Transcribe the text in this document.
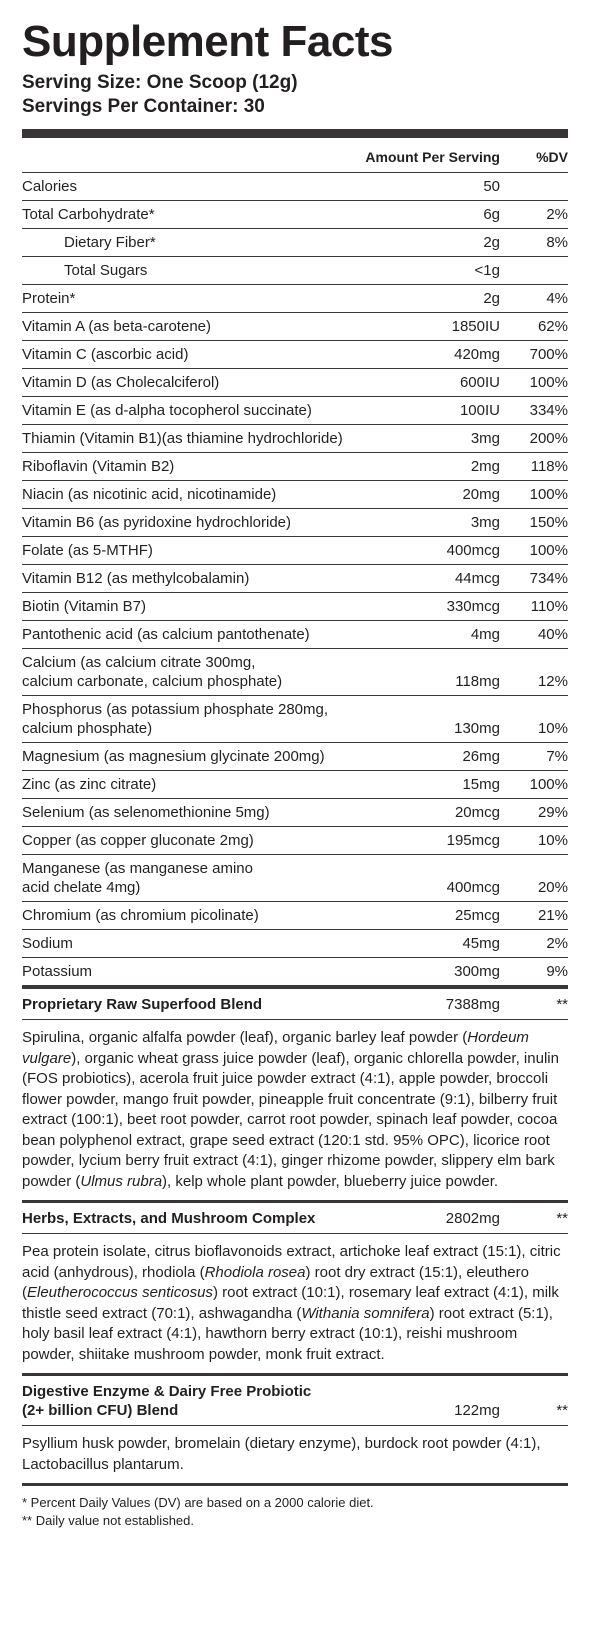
Supplement Facts
Serving Size: One Scoop (12g)
Servings Per Container: 30
Amount Per Serving	%DV
Calories	50
Total Carbohydrate*	6g	2%
Dietary Fiber*	2g	8%
Total Sugars	<1g
Protein*	2g	4%
Vitamin A (as beta-carotene)	1850IU	62%
Vitamin C (ascorbic acid)	420mg	700%
Vitamin D (as Cholecalciferol)	600IU	100%
Vitamin E (as d-alpha tocopherol succinate)	100IU	334%
Thiamin (Vitamin B1)(as thiamine hydrochloride)	3mg	200%
Riboflavin (Vitamin B2)	2mg	118%
Niacin (as nicotinic acid, nicotinamide)	20mg	100%
Vitamin B6 (as pyridoxine hydrochloride)	3mg	150%
Folate (as 5-MTHF)	400mcg	100%
Vitamin B12 (as methylcobalamin)	44mcg	734%
Biotin (Vitamin B7)	330mcg	110%
Pantothenic acid (as calcium pantothenate)	4mg	40%
Calcium (as calcium citrate 300mg,
calcium carbonate, calcium phosphate)	118mg	12%
Phosphorus (as potassium phosphate 280mg,
calcium phosphate)	130mg	10%
Magnesium (as magnesium glycinate 200mg)	26mg	7%
Zinc (as zinc citrate)	15mg	100%
Selenium (as selenomethionine 5mg)	20mcg	29%
Copper (as copper gluconate 2mg)	195mcg	10%
Manganese (as manganese amino
acid chelate 4mg)	400mcg	20%
Chromium (as chromium picolinate)	25mcg	21%
Sodium	45mg	2%
Potassium	300mg	9%
Proprietary Raw Superfood Blend	7388mg	**
Spirulina, organic alfalfa powder (leaf), organic barley leaf powder (Hordeum vulgare), organic wheat grass juice powder (leaf), organic chlorella powder, inulin (FOS probiotics), acerola fruit juice powder extract (4:1), apple powder, broccoli flower powder, mango fruit powder, pineapple fruit concentrate (9:1), bilberry fruit extract (100:1), beet root powder, carrot root powder, spinach leaf powder, cocoa bean polyphenol extract, grape seed extract (120:1 std. 95% OPC), licorice root powder, lycium berry fruit extract (4:1), ginger rhizome powder, slippery elm bark powder (Ulmus rubra), kelp whole plant powder, blueberry juice powder.
Herbs, Extracts, and Mushroom Complex	2802mg	**
Pea protein isolate, citrus bioflavonoids extract, artichoke leaf extract (15:1), citric acid (anhydrous), rhodiola (Rhodiola rosea) root dry extract (15:1), eleuthero (Eleutherococcus senticosus) root extract (10:1), rosemary leaf extract (4:1), milk thistle seed extract (70:1), ashwagandha (Withania somnifera) root extract (5:1), holy basil leaf extract (4:1), hawthorn berry extract (10:1), reishi mushroom powder, shiitake mushroom powder, monk fruit extract.
Digestive Enzyme & Dairy Free Probiotic
(2+ billion CFU) Blend	122mg	**
Psyllium husk powder, bromelain (dietary enzyme), burdock root powder (4:1), Lactobacillus plantarum.
* Percent Daily Values (DV) are based on a 2000 calorie diet.
** Daily value not established.
